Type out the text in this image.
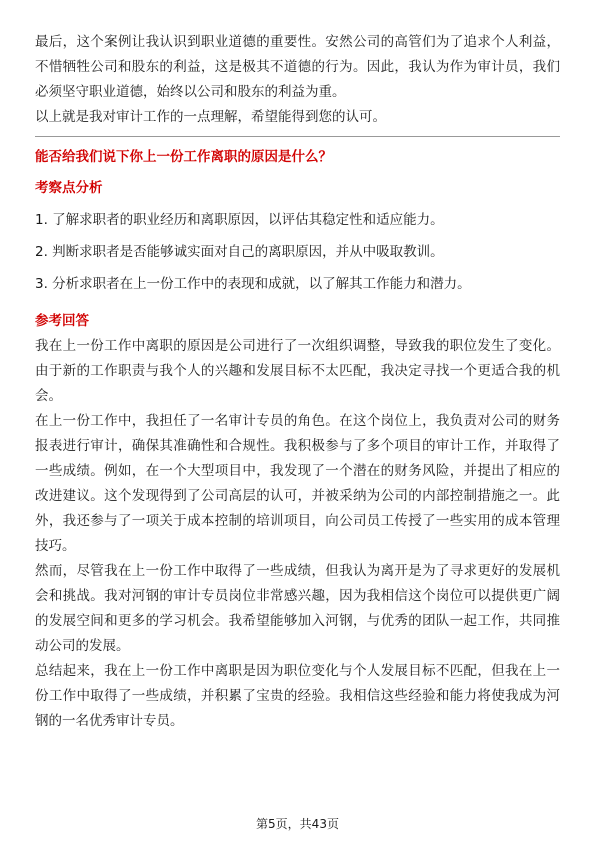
最后，这个案例让我认识到职业道德的重要性。安然公司的高管们为了追求个人利益，不惜牺牲公司和股东的利益，这是极其不道德的行为。因此，我认为作为审计员，我们必须坚守职业道德，始终以公司和股东的利益为重。

以上就是我对审计工作的一点理解，希望能得到您的认可。

能否给我们说下你上一份工作离职的原因是什么？

考察点分析

1. 了解求职者的职业经历和离职原因，以评估其稳定性和适应能力。

2. 判断求职者是否能够诚实面对自己的离职原因，并从中吸取教训。

3. 分析求职者在上一份工作中的表现和成就，以了解其工作能力和潜力。

参考回答

我在上一份工作中离职的原因是公司进行了一次组织调整，导致我的职位发生了变化。由于新的工作职责与我个人的兴趣和发展目标不太匹配，我决定寻找一个更适合我的机会。

在上一份工作中，我担任了一名审计专员的角色。在这个岗位上，我负责对公司的财务报表进行审计，确保其准确性和合规性。我积极参与了多个项目的审计工作，并取得了一些成绩。例如，在一个大型项目中，我发现了一个潜在的财务风险，并提出了相应的改进建议。这个发现得到了公司高层的认可，并被采纳为公司的内部控制措施之一。此外，我还参与了一项关于成本控制的培训项目，向公司员工传授了一些实用的成本管理技巧。

然而，尽管我在上一份工作中取得了一些成绩，但我认为离开是为了寻求更好的发展机会和挑战。我对河钢的审计专员岗位非常感兴趣，因为我相信这个岗位可以提供更广阔的发展空间和更多的学习机会。我希望能够加入河钢，与优秀的团队一起工作，共同推动公司的发展。

总结起来，我在上一份工作中离职是因为职位变化与个人发展目标不匹配，但我在上一份工作中取得了一些成绩，并积累了宝贵的经验。我相信这些经验和能力将使我成为河钢的一名优秀审计专员。

第5页，共43页
